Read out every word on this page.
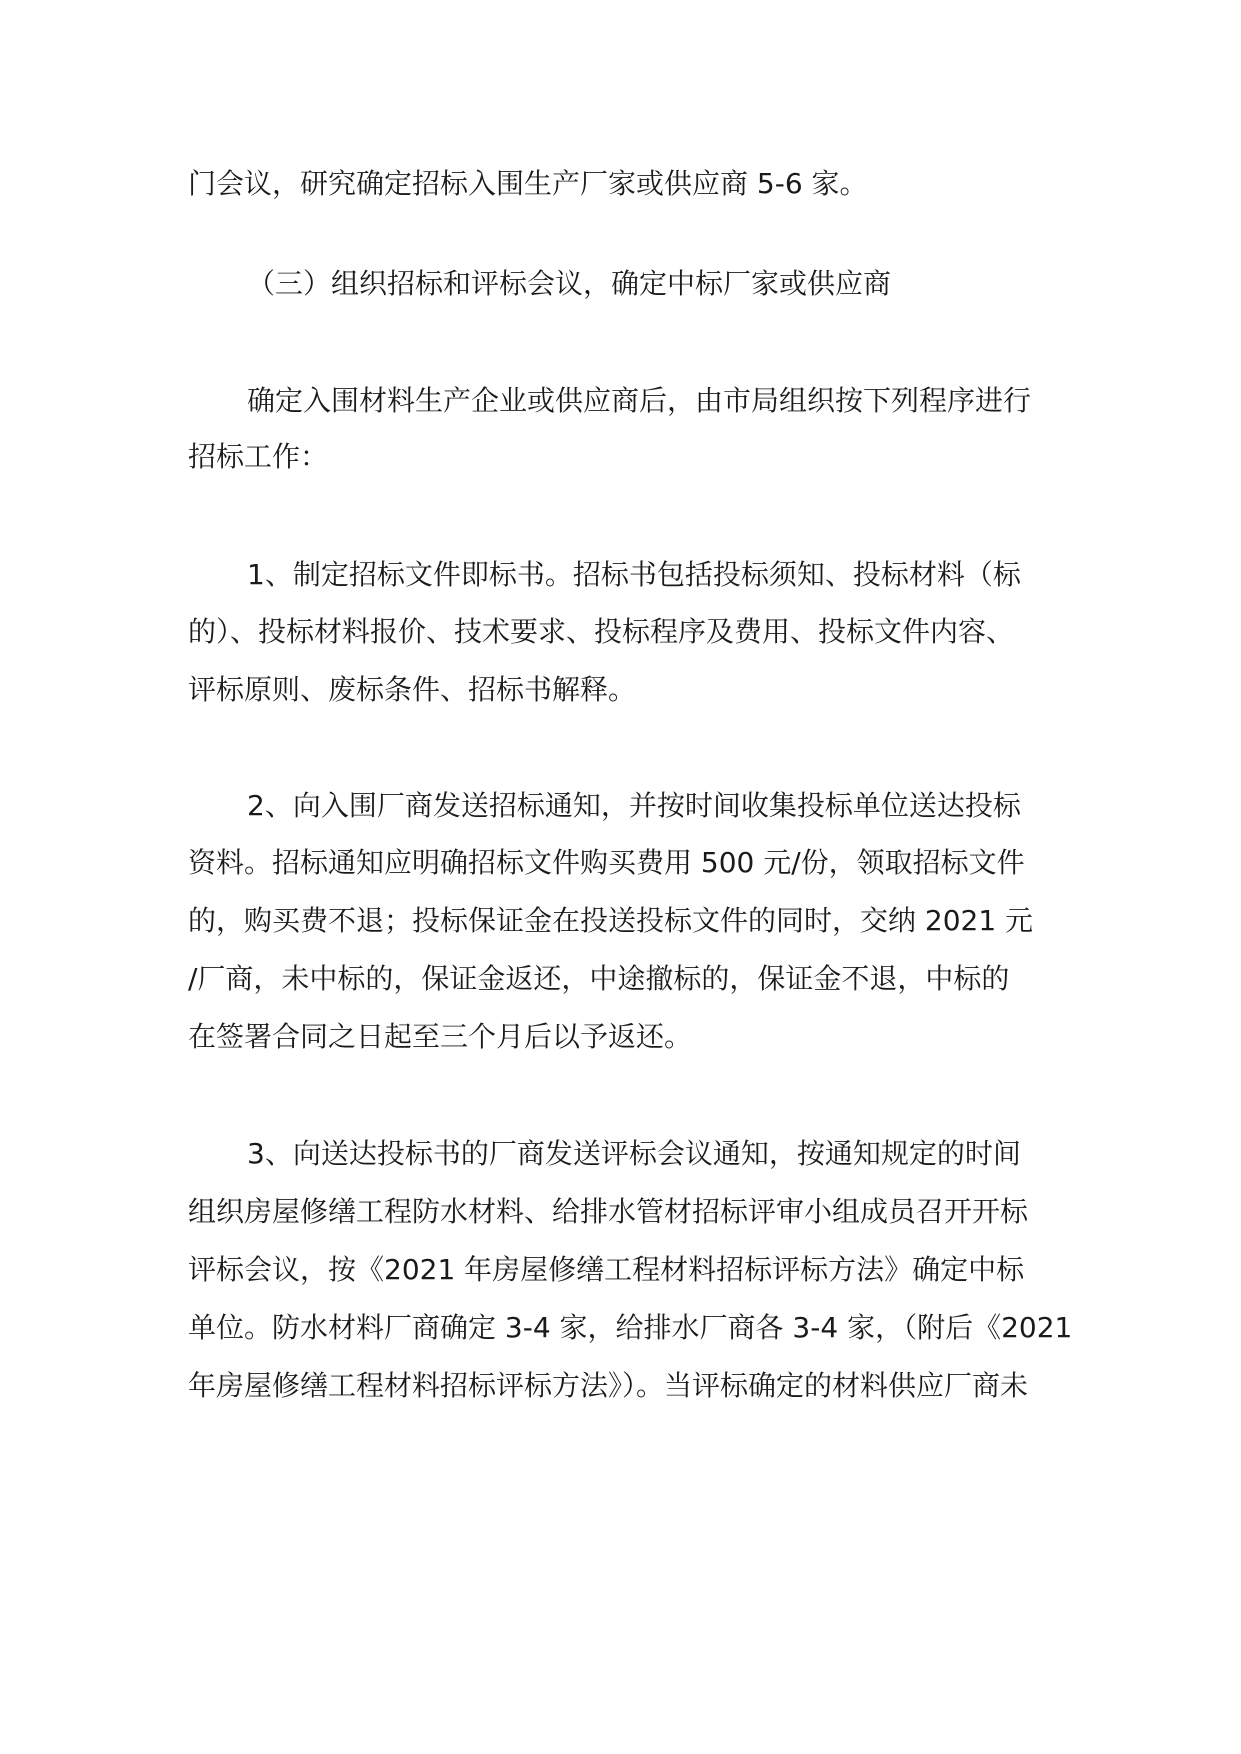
门会议，研究确定招标入围生产厂家或供应商 5-6 家。
（三）组织招标和评标会议，确定中标厂家或供应商
确定入围材料生产企业或供应商后，由市局组织按下列程序进行
招标工作：
1、制定招标文件即标书。招标书包括投标须知、投标材料（标
的）、投标材料报价、技术要求、投标程序及费用、投标文件内容、
评标原则、废标条件、招标书解释。
2、向入围厂商发送招标通知，并按时间收集投标单位送达投标
资料。招标通知应明确招标文件购买费用 500 元/份，领取招标文件
的，购买费不退；投标保证金在投送投标文件的同时，交纳 2021 元
/厂商，未中标的，保证金返还，中途撤标的，保证金不退，中标的
在签署合同之日起至三个月后以予返还。
3、向送达投标书的厂商发送评标会议通知，按通知规定的时间
组织房屋修缮工程防水材料、给排水管材招标评审小组成员召开开标
评标会议，按《2021 年房屋修缮工程材料招标评标方法》确定中标
单位。防水材料厂商确定 3-4 家，给排水厂商各 3-4 家，（附后《2021
年房屋修缮工程材料招标评标方法》）。当评标确定的材料供应厂商未
